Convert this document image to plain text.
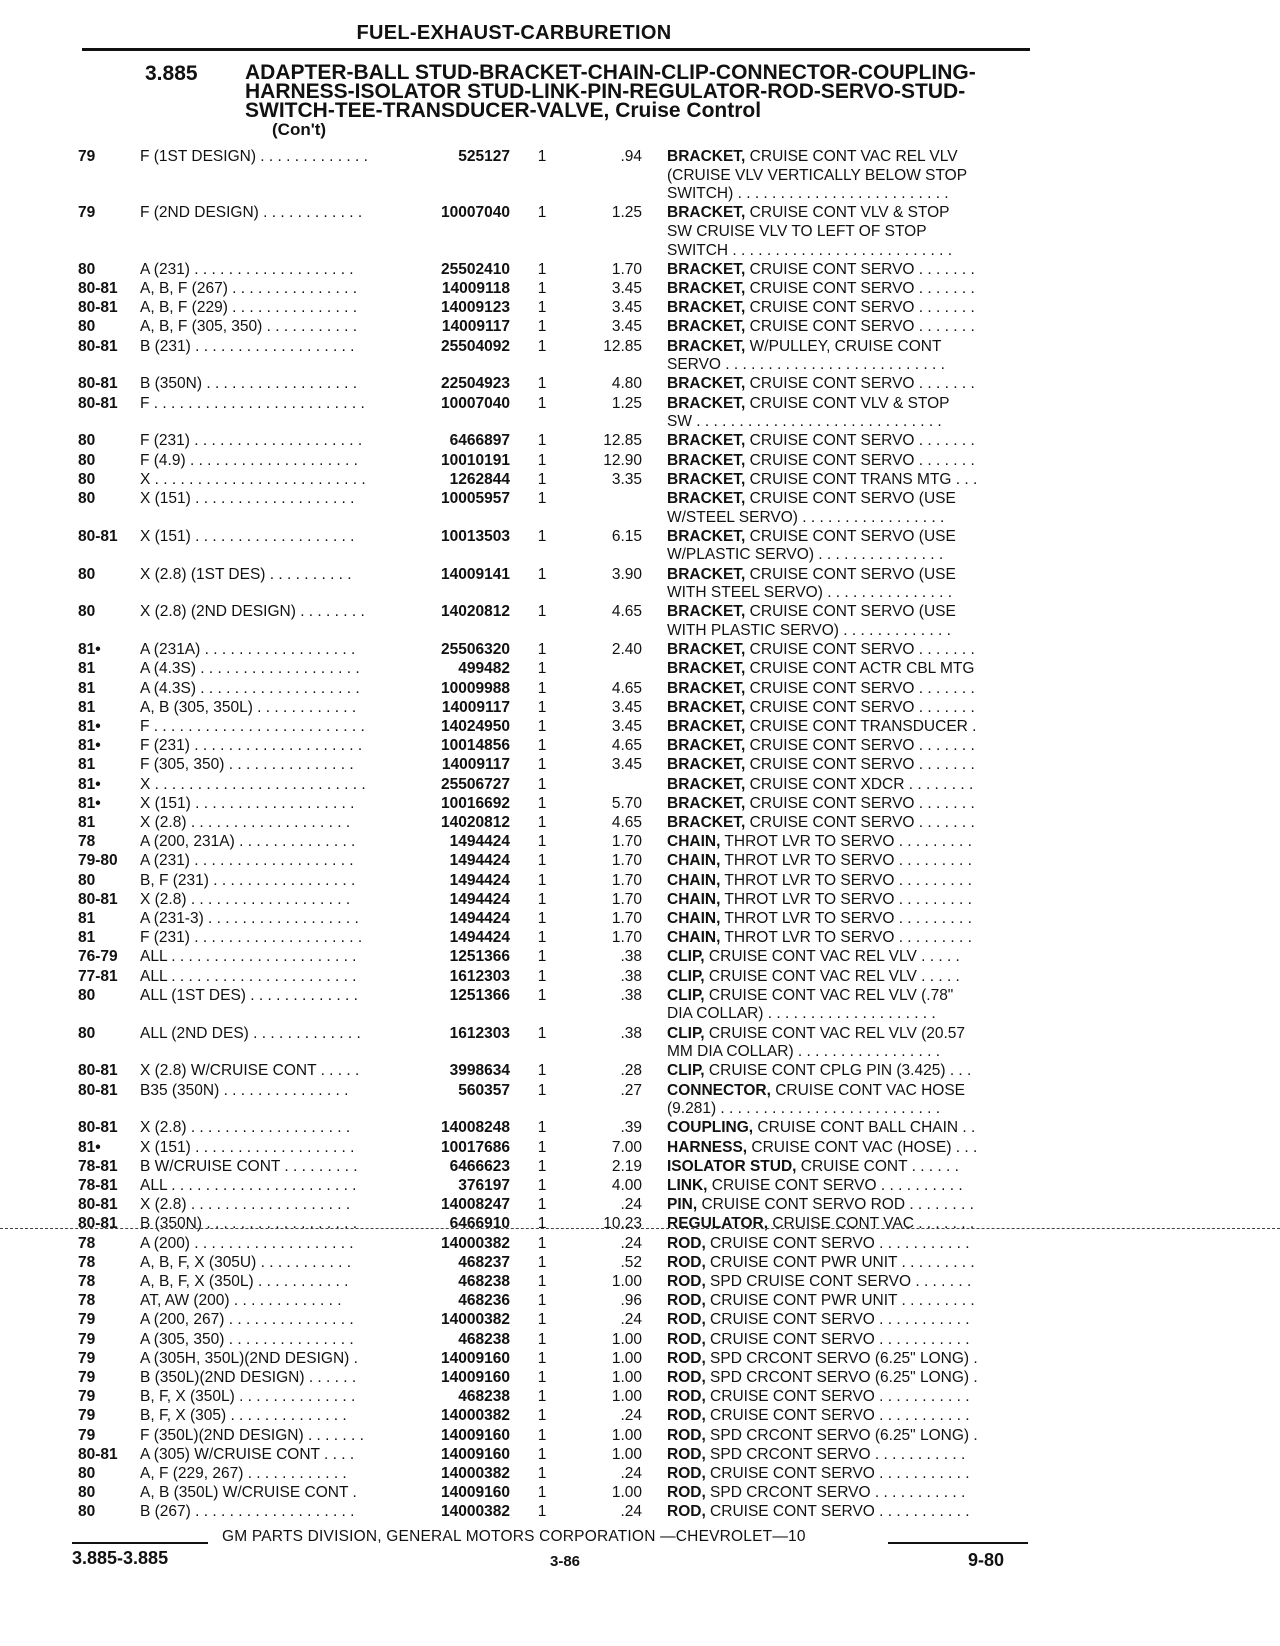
FUEL-EXHAUST-CARBURETION
3.885 ADAPTER-BALL STUD-BRACKET-CHAIN-CLIP-CONNECTOR-COUPLING-HARNESS-ISOLATOR STUD-LINK-PIN-REGULATOR-ROD-SERVO-STUD-SWITCH-TEE-TRANSDUCER-VALVE, Cruise Control
(Con't)
79	F (1ST DESIGN) . . . . . . . . . . . . .	525127	1	.94 BRACKET, CRUISE CONT VAC REL VLV
(CRUISE VLV VERTICALLY BELOW STOP
SWITCH) . . . . . . . . . . . . . . . . . . . . . . . . .
79	F (2ND DESIGN) . . . . . . . . . . . .	10007040	1	1.25 BRACKET, CRUISE CONT VLV & STOP
SW CRUISE VLV TO LEFT OF STOP
SWITCH . . . . . . . . . . . . . . . . . . . . . . . . . .
80	A (231) . . . . . . . . . . . . . . . . . . .	25502410	1	1.70 BRACKET, CRUISE CONT SERVO . . . . . . .
80-81	A, B, F (267) . . . . . . . . . . . . . . .	14009118	1	3.45 BRACKET, CRUISE CONT SERVO . . . . . . .
80-81	A, B, F (229) . . . . . . . . . . . . . . .	14009123	1	3.45 BRACKET, CRUISE CONT SERVO . . . . . . .
80	A, B, F (305, 350) . . . . . . . . . . .	14009117	1	3.45 BRACKET, CRUISE CONT SERVO . . . . . . .
80-81	B (231) . . . . . . . . . . . . . . . . . . .	25504092	1	12.85 BRACKET, W/PULLEY, CRUISE CONT
SERVO . . . . . . . . . . . . . . . . . . . . . . . . . .
80-81	B (350N) . . . . . . . . . . . . . . . . . .	22504923	1	4.80 BRACKET, CRUISE CONT SERVO . . . . . . .
80-81	F . . . . . . . . . . . . . . . . . . . . . . . . .	10007040	1	1.25 BRACKET, CRUISE CONT VLV & STOP
SW . . . . . . . . . . . . . . . . . . . . . . . . . . . . .
80	F (231) . . . . . . . . . . . . . . . . . . . .	6466897	1	12.85 BRACKET, CRUISE CONT SERVO . . . . . . .
80	F (4.9) . . . . . . . . . . . . . . . . . . . .	10010191	1	12.90 BRACKET, CRUISE CONT SERVO . . . . . . .
80	X . . . . . . . . . . . . . . . . . . . . . . . . .	1262844	1	3.35 BRACKET, CRUISE CONT TRANS MTG . . .
80	X (151) . . . . . . . . . . . . . . . . . . .	10005957	1	BRACKET, CRUISE CONT SERVO (USE
W/STEEL SERVO) . . . . . . . . . . . . . . . . .
80-81	X (151) . . . . . . . . . . . . . . . . . . .	10013503	1	6.15 BRACKET, CRUISE CONT SERVO (USE
W/PLASTIC SERVO) . . . . . . . . . . . . . . .
80	X (2.8) (1ST DES) . . . . . . . . . .	14009141	1	3.90 BRACKET, CRUISE CONT SERVO (USE
WITH STEEL SERVO) . . . . . . . . . . . . . . .
80	X (2.8) (2ND DESIGN) . . . . . . . .	14020812	1	4.65 BRACKET, CRUISE CONT SERVO (USE
WITH PLASTIC SERVO) . . . . . . . . . . . . .
81•	A (231A) . . . . . . . . . . . . . . . . . .	25506320	1	2.40 BRACKET, CRUISE CONT SERVO . . . . . . .
81	A (4.3S) . . . . . . . . . . . . . . . . . . .	499482	1	BRACKET, CRUISE CONT ACTR CBL MTG
81	A (4.3S) . . . . . . . . . . . . . . . . . . .	10009988	1	4.65 BRACKET, CRUISE CONT SERVO . . . . . . .
81	A, B (305, 350L) . . . . . . . . . . . .	14009117	1	3.45 BRACKET, CRUISE CONT SERVO . . . . . . .
81•	F . . . . . . . . . . . . . . . . . . . . . . . . .	14024950	1	3.45 BRACKET, CRUISE CONT TRANSDUCER .
81•	F (231) . . . . . . . . . . . . . . . . . . . .	10014856	1	4.65 BRACKET, CRUISE CONT SERVO . . . . . . .
81	F (305, 350) . . . . . . . . . . . . . . .	14009117	1	3.45 BRACKET, CRUISE CONT SERVO . . . . . . .
81•	X . . . . . . . . . . . . . . . . . . . . . . . . .	25506727	1	BRACKET, CRUISE CONT XDCR . . . . . . . .
81•	X (151) . . . . . . . . . . . . . . . . . . .	10016692	1	5.70 BRACKET, CRUISE CONT SERVO . . . . . . .
81	X (2.8) . . . . . . . . . . . . . . . . . . .	14020812	1	4.65 BRACKET, CRUISE CONT SERVO . . . . . . .
78	A (200, 231A) . . . . . . . . . . . . . .	1494424	1	1.70 CHAIN, THROT LVR TO SERVO . . . . . . . . .
79-80	A (231) . . . . . . . . . . . . . . . . . . .	1494424	1	1.70 CHAIN, THROT LVR TO SERVO . . . . . . . . .
80	B, F (231) . . . . . . . . . . . . . . . . .	1494424	1	1.70 CHAIN, THROT LVR TO SERVO . . . . . . . . .
80-81	X (2.8) . . . . . . . . . . . . . . . . . . .	1494424	1	1.70 CHAIN, THROT LVR TO SERVO . . . . . . . . .
81	A (231-3) . . . . . . . . . . . . . . . . . .	1494424	1	1.70 CHAIN, THROT LVR TO SERVO . . . . . . . . .
81	F (231) . . . . . . . . . . . . . . . . . . . .	1494424	1	1.70 CHAIN, THROT LVR TO SERVO . . . . . . . . .
76-79	ALL . . . . . . . . . . . . . . . . . . . . . .	1251366	1	.38 CLIP, CRUISE CONT VAC REL VLV . . . . .
77-81	ALL . . . . . . . . . . . . . . . . . . . . . .	1612303	1	.38 CLIP, CRUISE CONT VAC REL VLV . . . . .
80	ALL (1ST DES) . . . . . . . . . . . . .	1251366	1	.38 CLIP, CRUISE CONT VAC REL VLV (.78"
DIA COLLAR) . . . . . . . . . . . . . . . . . . . .
80	ALL (2ND DES) . . . . . . . . . . . . .	1612303	1	.38 CLIP, CRUISE CONT VAC REL VLV (20.57
MM DIA COLLAR) . . . . . . . . . . . . . . . . .
80-81	X (2.8) W/CRUISE CONT . . . . .	3998634	1	.28 CLIP, CRUISE CONT CPLG PIN (3.425) . . .
80-81	B35 (350N) . . . . . . . . . . . . . . .	560357	1	.27 CONNECTOR, CRUISE CONT VAC HOSE
(9.281) . . . . . . . . . . . . . . . . . . . . . . . . . .
80-81	X (2.8) . . . . . . . . . . . . . . . . . . .	14008248	1	.39 COUPLING, CRUISE CONT BALL CHAIN . .
81•	X (151) . . . . . . . . . . . . . . . . . . .	10017686	1	7.00 HARNESS, CRUISE CONT VAC (HOSE) . . .
78-81	B W/CRUISE CONT . . . . . . . . .	6466623	1	2.19 ISOLATOR STUD, CRUISE CONT . . . . . .
78-81	ALL . . . . . . . . . . . . . . . . . . . . . .	376197	1	4.00 LINK, CRUISE CONT SERVO . . . . . . . . . .
80-81	X (2.8) . . . . . . . . . . . . . . . . . . .	14008247	1	.24 PIN, CRUISE CONT SERVO ROD . . . . . . . .
80-81	B (350N) . . . . . . . . . . . . . . . . . .	6466910	1	10.23 REGULATOR, CRUISE CONT VAC . . . . . . .
78	A (200) . . . . . . . . . . . . . . . . . . .	14000382	1	.24 ROD, CRUISE CONT SERVO . . . . . . . . . . .
78	A, B, F, X (305U) . . . . . . . . . . .	468237	1	.52 ROD, CRUISE CONT PWR UNIT . . . . . . . . .
78	A, B, F, X (350L) . . . . . . . . . . .	468238	1	1.00 ROD, SPD CRUISE CONT SERVO . . . . . . .
78	AT, AW (200) . . . . . . . . . . . . .	468236	1	.96 ROD, CRUISE CONT PWR UNIT . . . . . . . . .
79	A (200, 267) . . . . . . . . . . . . . . .	14000382	1	.24 ROD, CRUISE CONT SERVO . . . . . . . . . . .
79	A (305, 350) . . . . . . . . . . . . . . .	468238	1	1.00 ROD, CRUISE CONT SERVO . . . . . . . . . . .
79	A (305H, 350L)(2ND DESIGN) .	14009160	1	1.00 ROD, SPD CRCONT SERVO (6.25" LONG) .
79	B (350L)(2ND DESIGN) . . . . . .	14009160	1	1.00 ROD, SPD CRCONT SERVO (6.25" LONG) .
79	B, F, X (350L) . . . . . . . . . . . . . .	468238	1	1.00 ROD, CRUISE CONT SERVO . . . . . . . . . . .
79	B, F, X (305) . . . . . . . . . . . . . .	14000382	1	.24 ROD, CRUISE CONT SERVO . . . . . . . . . . .
79	F (350L)(2ND DESIGN) . . . . . . .	14009160	1	1.00 ROD, SPD CRCONT SERVO (6.25" LONG) .
80-81	A (305) W/CRUISE CONT . . . .	14009160	1	1.00 ROD, SPD CRCONT SERVO . . . . . . . . . . .
80	A, F (229, 267) . . . . . . . . . . . .	14000382	1	.24 ROD, CRUISE CONT SERVO . . . . . . . . . . .
80	A, B (350L) W/CRUISE CONT .	14009160	1	1.00 ROD, SPD CRCONT SERVO . . . . . . . . . . .
80	B (267) . . . . . . . . . . . . . . . . . . .	14000382	1	.24 ROD, CRUISE CONT SERVO . . . . . . . . . . .
GM PARTS DIVISION, GENERAL MOTORS CORPORATION —CHEVROLET—10
3.885-3.885	3-86	9-80
